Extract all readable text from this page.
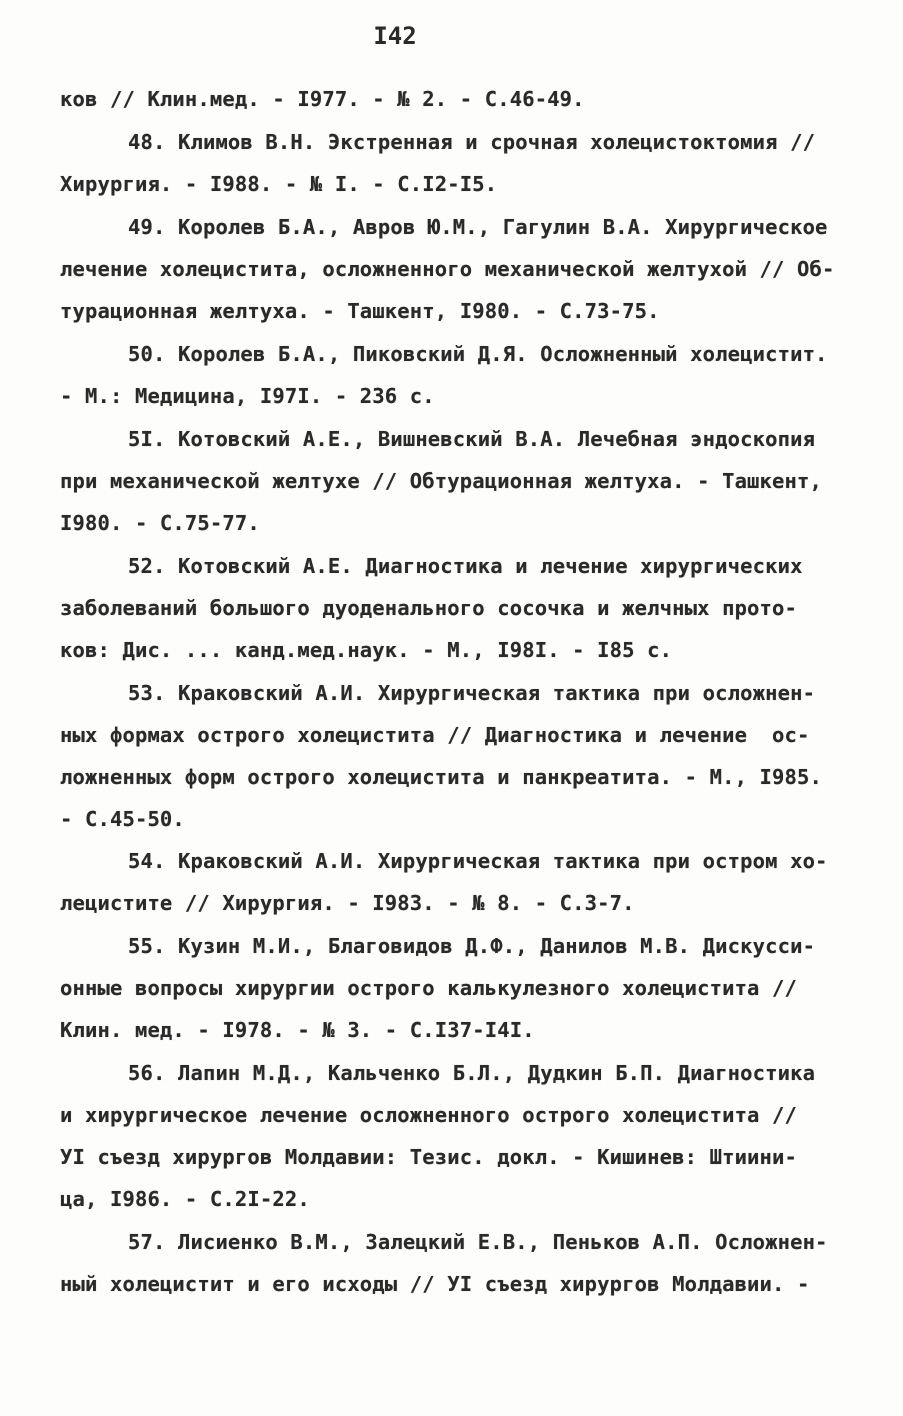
I42
ков // Клин.мед. - I977. - № 2. - С.46-49.
48. Климов В.Н. Экстренная и срочная холецистоктомия //
Хирургия. - I988. - № I. - С.I2-I5.
49. Королев Б.А., Авров Ю.М., Гагулин В.А. Хирургическое
лечение холецистита, осложненного механической желтухой // Об-
турационная желтуха. - Ташкент, I980. - С.73-75.
50. Королев Б.А., Пиковский Д.Я. Осложненный холецистит.
- М.: Медицина, I97I. - 236 с.
5I. Котовский А.Е., Вишневский В.А. Лечебная эндоскопия
при механической желтухе // Обтурационная желтуха. - Ташкент,
I980. - С.75-77.
52. Котовский А.Е. Диагностика и лечение хирургических
заболеваний большого дуоденального сосочка и желчных прото-
ков: Дис. ... канд.мед.наук. - М., I98I. - I85 с.
53. Краковский А.И. Хирургическая тактика при осложнен-
ных формах острого холецистита // Диагностика и лечение  ос-
ложненных форм острого холецистита и панкреатита. - М., I985.
- С.45-50.
54. Краковский А.И. Хирургическая тактика при остром хо-
лецистите // Хирургия. - I983. - № 8. - С.3-7.
55. Кузин М.И., Благовидов Д.Ф., Данилов М.В. Дискусси-
онные вопросы хирургии острого калькулезного холецистита //
Клин. мед. - I978. - № 3. - С.I37-I4I.
56. Лапин М.Д., Кальченко Б.Л., Дудкин Б.П. Диагностика
и хирургическое лечение осложненного острого холецистита //
УI съезд хирургов Молдавии: Тезис. докл. - Кишинев: Штиини-
ца, I986. - С.2I-22.
57. Лисиенко В.М., Залецкий Е.В., Пеньков А.П. Осложнен-
ный холецистит и его исходы // УI съезд хирургов Молдавии. -
